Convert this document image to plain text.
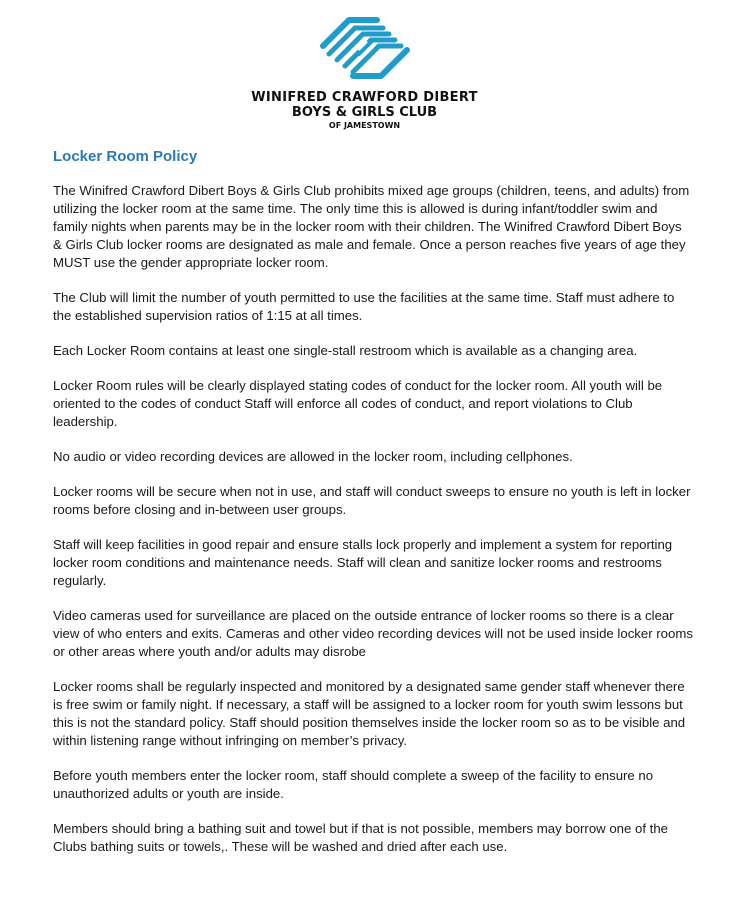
WINIFRED CRAWFORD DIBERT
BOYS & GIRLS CLUB
OF JAMESTOWN
Locker Room Policy

The Winifred Crawford Dibert Boys & Girls Club prohibits mixed age groups (children, teens, and adults) from utilizing the locker room at the same time. The only time this is allowed is during infant/toddler swim and family nights when parents may be in the locker room with their children. The Winifred Crawford Dibert Boys & Girls Club locker rooms are designated as male and female. Once a person reaches five years of age they MUST use the gender appropriate locker room.

The Club will limit the number of youth permitted to use the facilities at the same time. Staff must adhere to the established supervision ratios of 1:15 at all times.

Each Locker Room contains at least one single-stall restroom which is available as a changing area.

Locker Room rules will be clearly displayed stating codes of conduct for the locker room. All youth will be oriented to the codes of conduct Staff will enforce all codes of conduct, and report violations to Club leadership.

No audio or video recording devices are allowed in the locker room, including cellphones.

Locker rooms will be secure when not in use, and staff will conduct sweeps to ensure no youth is left in locker rooms before closing and in-between user groups.

Staff will keep facilities in good repair and ensure stalls lock properly and implement a system for reporting locker room conditions and maintenance needs. Staff will clean and sanitize locker rooms and restrooms regularly.

Video cameras used for surveillance are placed on the outside entrance of locker rooms so there is a clear view of who enters and exits. Cameras and other video recording devices will not be used inside locker rooms or other areas where youth and/or adults may disrobe

Locker rooms shall be regularly inspected and monitored by a designated same gender staff whenever there is free swim or family night. If necessary, a staff will be assigned to a locker room for youth swim lessons but this is not the standard policy. Staff should position themselves inside the locker room so as to be visible and within listening range without infringing on member’s privacy.

Before youth members enter the locker room, staff should complete a sweep of the facility to ensure no unauthorized adults or youth are inside.

Members should bring a bathing suit and towel but if that is not possible, members may borrow one of the Clubs bathing suits or towels,. These will be washed and dried after each use.
